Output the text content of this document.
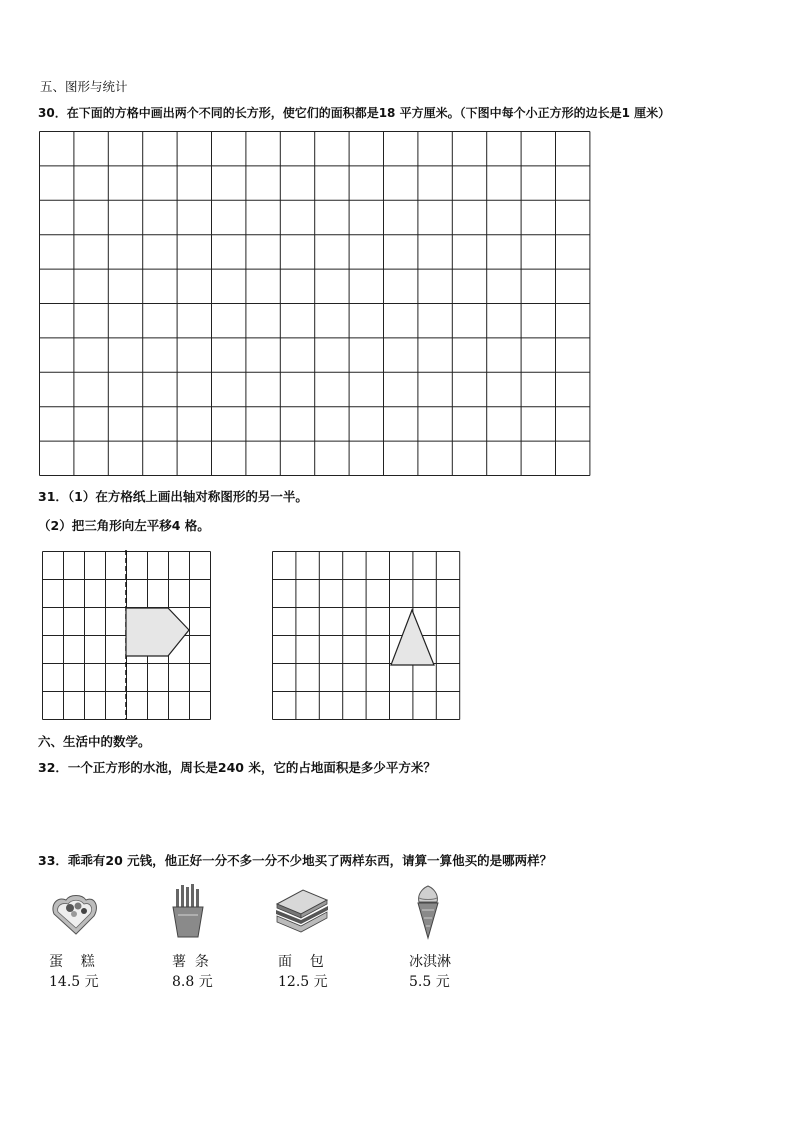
五、图形与统计
30．在下面的方格中画出两个不同的长方形，使它们的面积都是18 平方厘米。（下图中每个小正方形的边长是1 厘米）
31．（1）在方格纸上画出轴对称图形的另一半。
（2）把三角形向左平移4 格。
六、生活中的数学。
32．一个正方形的水池，周长是240 米，它的占地面积是多少平方米？
33．乖乖有20 元钱，他正好一分不多一分不少地买了两样东西，请算一算他买的是哪两样？
蛋    糕
14.5 元
薯  条
8.8 元
面    包
12.5 元
冰淇淋
5.5 元
